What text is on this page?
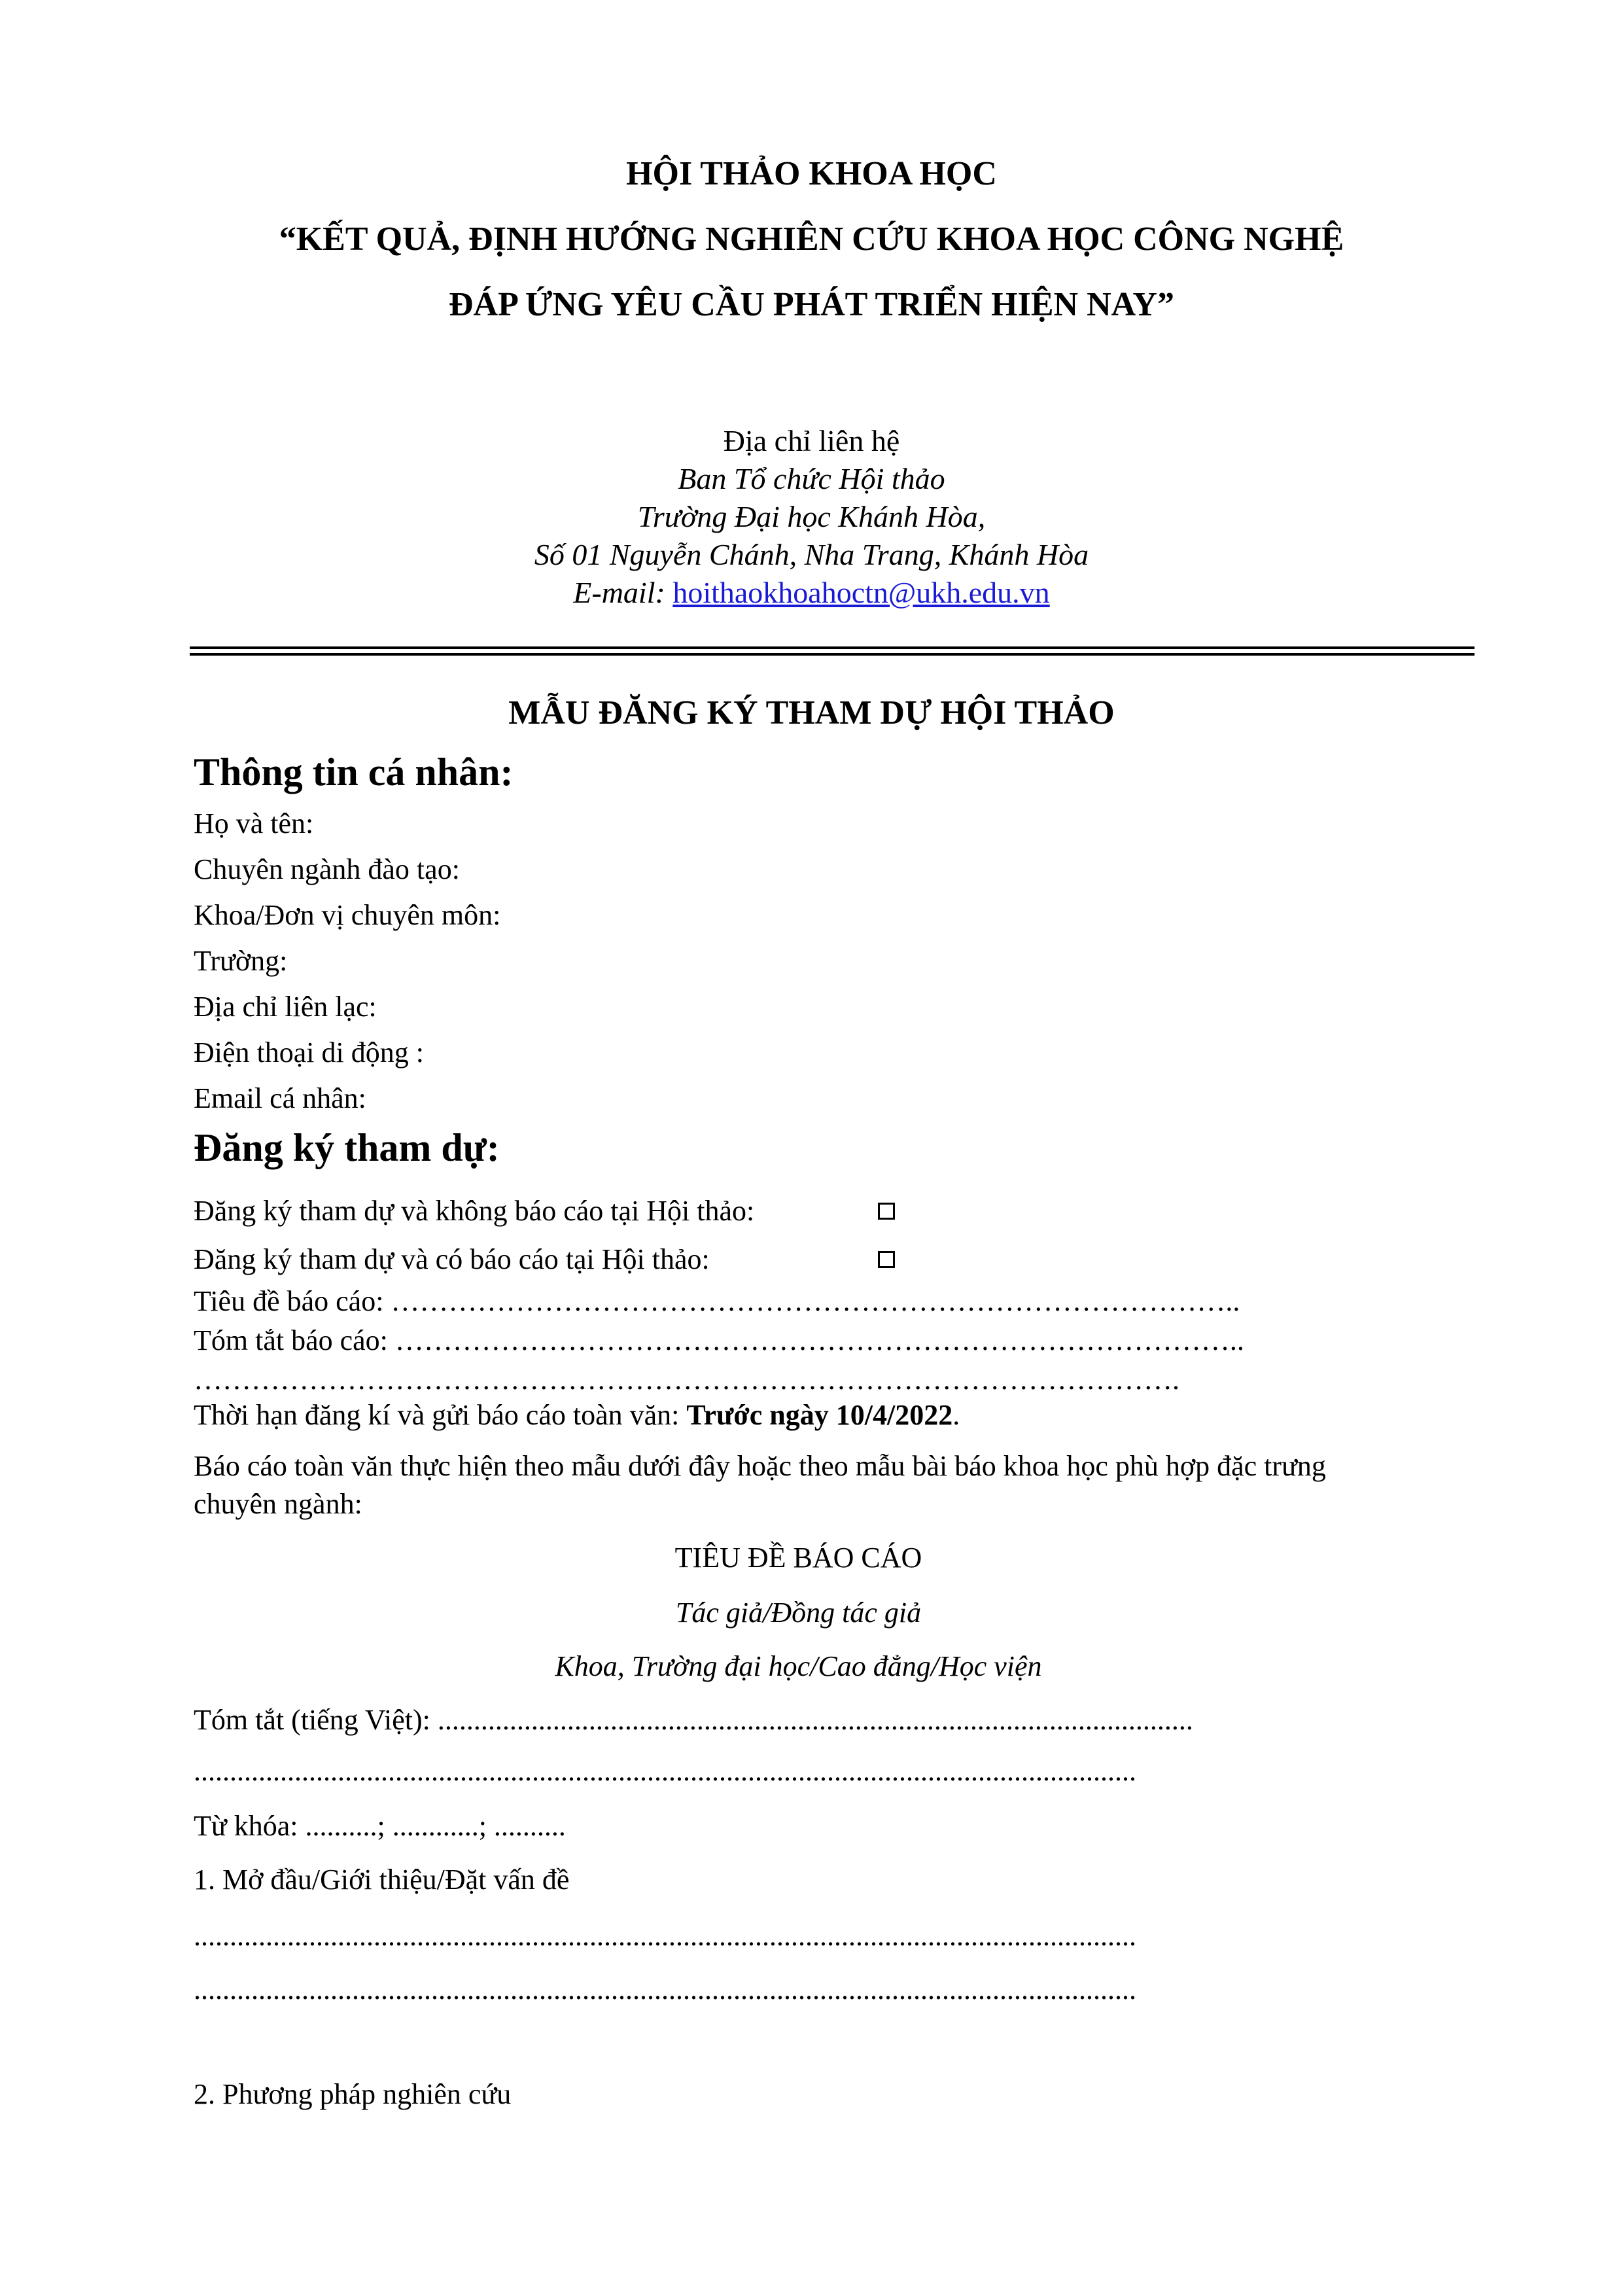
HỘI THẢO KHOA HỌC
“KẾT QUẢ, ĐỊNH HƯỚNG NGHIÊN CỨU KHOA HỌC CÔNG NGHỆ
ĐÁP ỨNG YÊU CẦU PHÁT TRIỂN HIỆN NAY”
Địa chỉ liên hệ
Ban Tổ chức Hội thảo
Trường Đại học Khánh Hòa,
Số 01 Nguyễn Chánh, Nha Trang, Khánh Hòa
E-mail: hoithaokhoahoctn@ukh.edu.vn
MẪU ĐĂNG KÝ THAM DỰ HỘI THẢO
Thông tin cá nhân:
Họ và tên:
Chuyên ngành đào tạo:
Khoa/Đơn vị chuyên môn:
Trường:
Địa chỉ liên lạc:
Điện thoại di động :
Email cá nhân:
Đăng ký tham dự:
Đăng ký tham dự và không báo cáo tại Hội thảo:
Đăng ký tham dự và có báo cáo tại Hội thảo:
Tiêu đề báo cáo: ……………………………………………………………………………..
Tóm tắt báo cáo: ……………………………………………………………………………..
………………………………………………………………………………………….
Thời hạn đăng kí và gửi báo cáo toàn văn: Trước ngày 10/4/2022.
Báo cáo toàn văn thực hiện theo mẫu dưới đây hoặc theo mẫu bài báo khoa học phù hợp đặc trưng
chuyên ngành:
TIÊU ĐỀ BÁO CÁO
Tác giả/Đồng tác giả
Khoa, Trường đại học/Cao đẳng/Học viện
Tóm tắt (tiếng Việt): .........................................................................................................
...................................................................................................................................
Từ khóa: ..........; ............; ..........
1. Mở đầu/Giới thiệu/Đặt vấn đề
...................................................................................................................................
...................................................................................................................................
2. Phương pháp nghiên cứu
